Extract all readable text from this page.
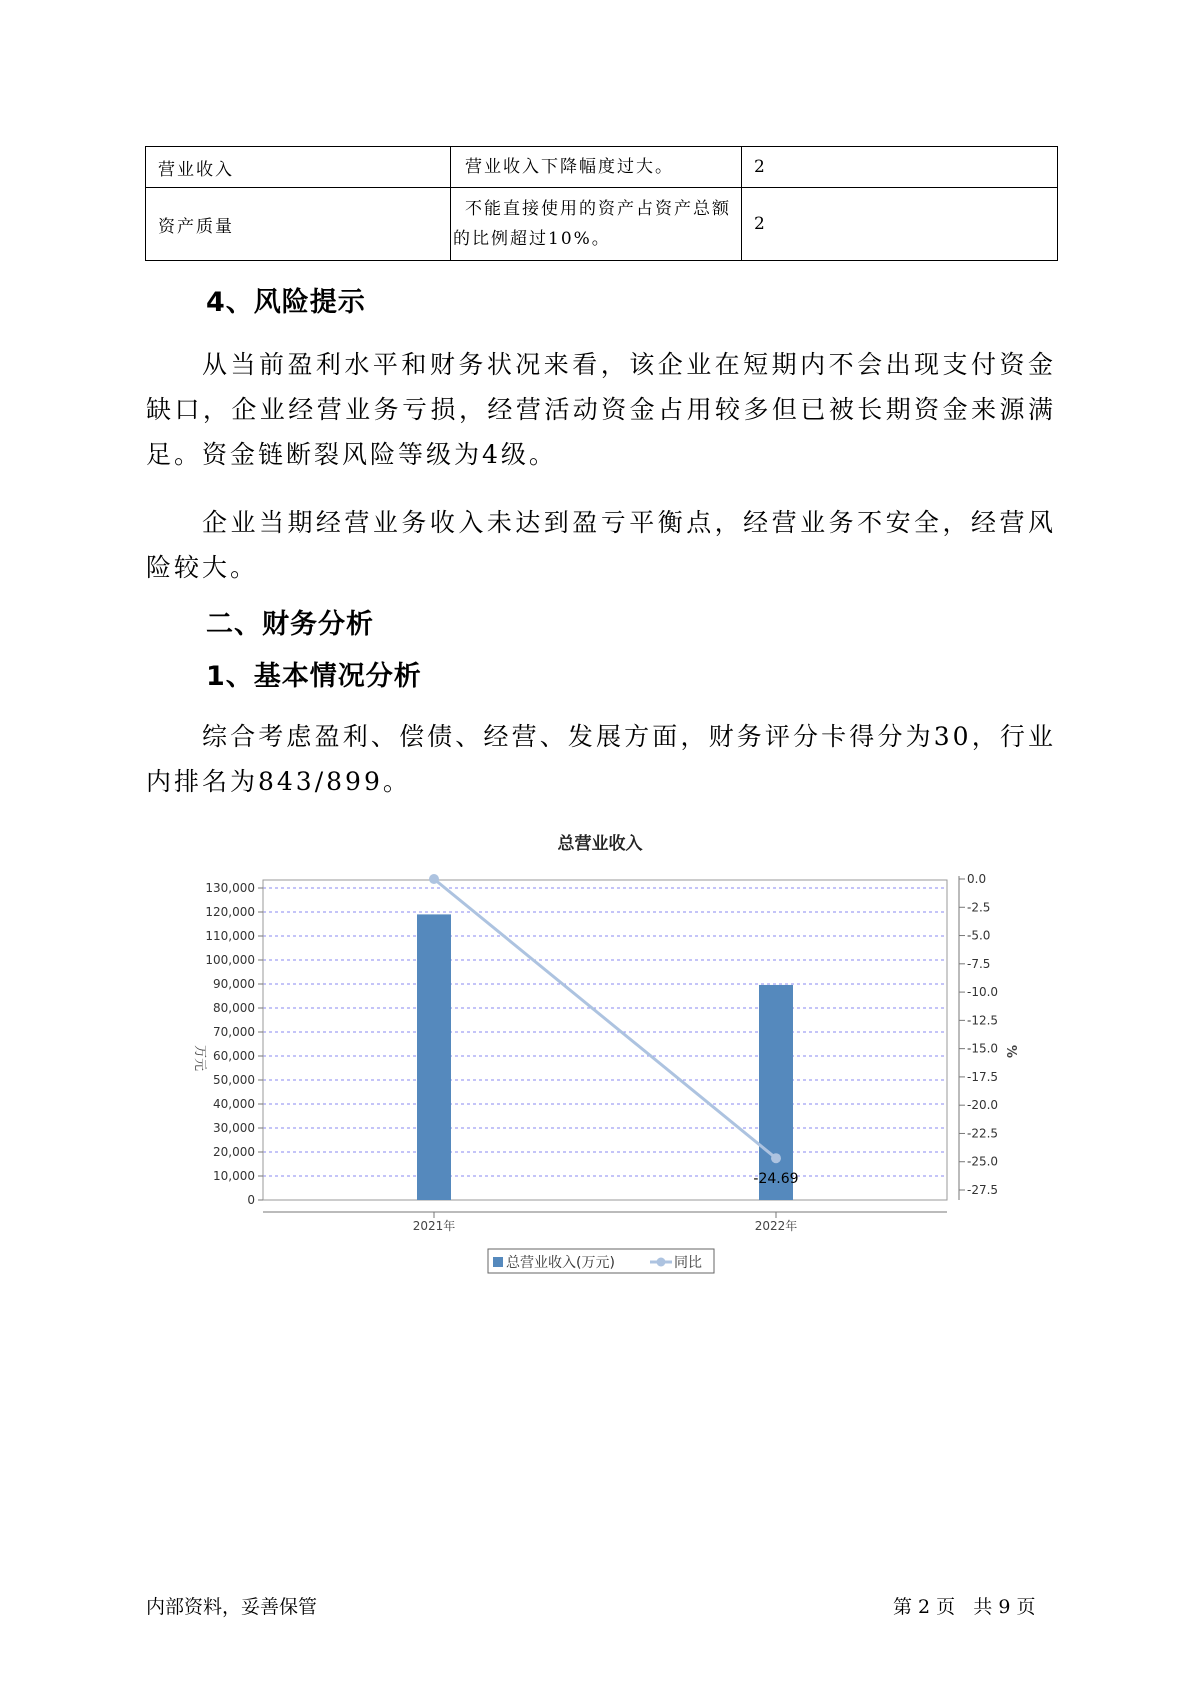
营业收入	营业收入下降幅度过大。	2
资产质量	不能直接使用的资产占资产总额
的比例超过10%。	2
4、风险提示

从当前盈利水平和财务状况来看，该企业在短期内不会出现支付资金缺口，企业经营业务亏损，经营活动资金占用较多但已被长期资金来源满足。资金链断裂风险等级为4级。

企业当期经营业务收入未达到盈亏平衡点，经营业务不安全，经营风险较大。

二、财务分析
1、基本情况分析

综合考虑盈利、偿债、经营、发展方面，财务评分卡得分为30，行业内排名为843/899。

总营业收入
0
10,000
20,000
30,000
40,000
50,000
60,000
70,000
80,000
90,000
100,000
110,000
120,000
130,000
0.0
-2.5
-5.0
-7.5
-10.0
-12.5
-15.0
-17.5
-20.0
-22.5
-25.0
-27.5
万元	%
-24.69
2021年	2022年
总营业收入(万元)	同比
内部资料，妥善保管	第 2 页   共 9 页
